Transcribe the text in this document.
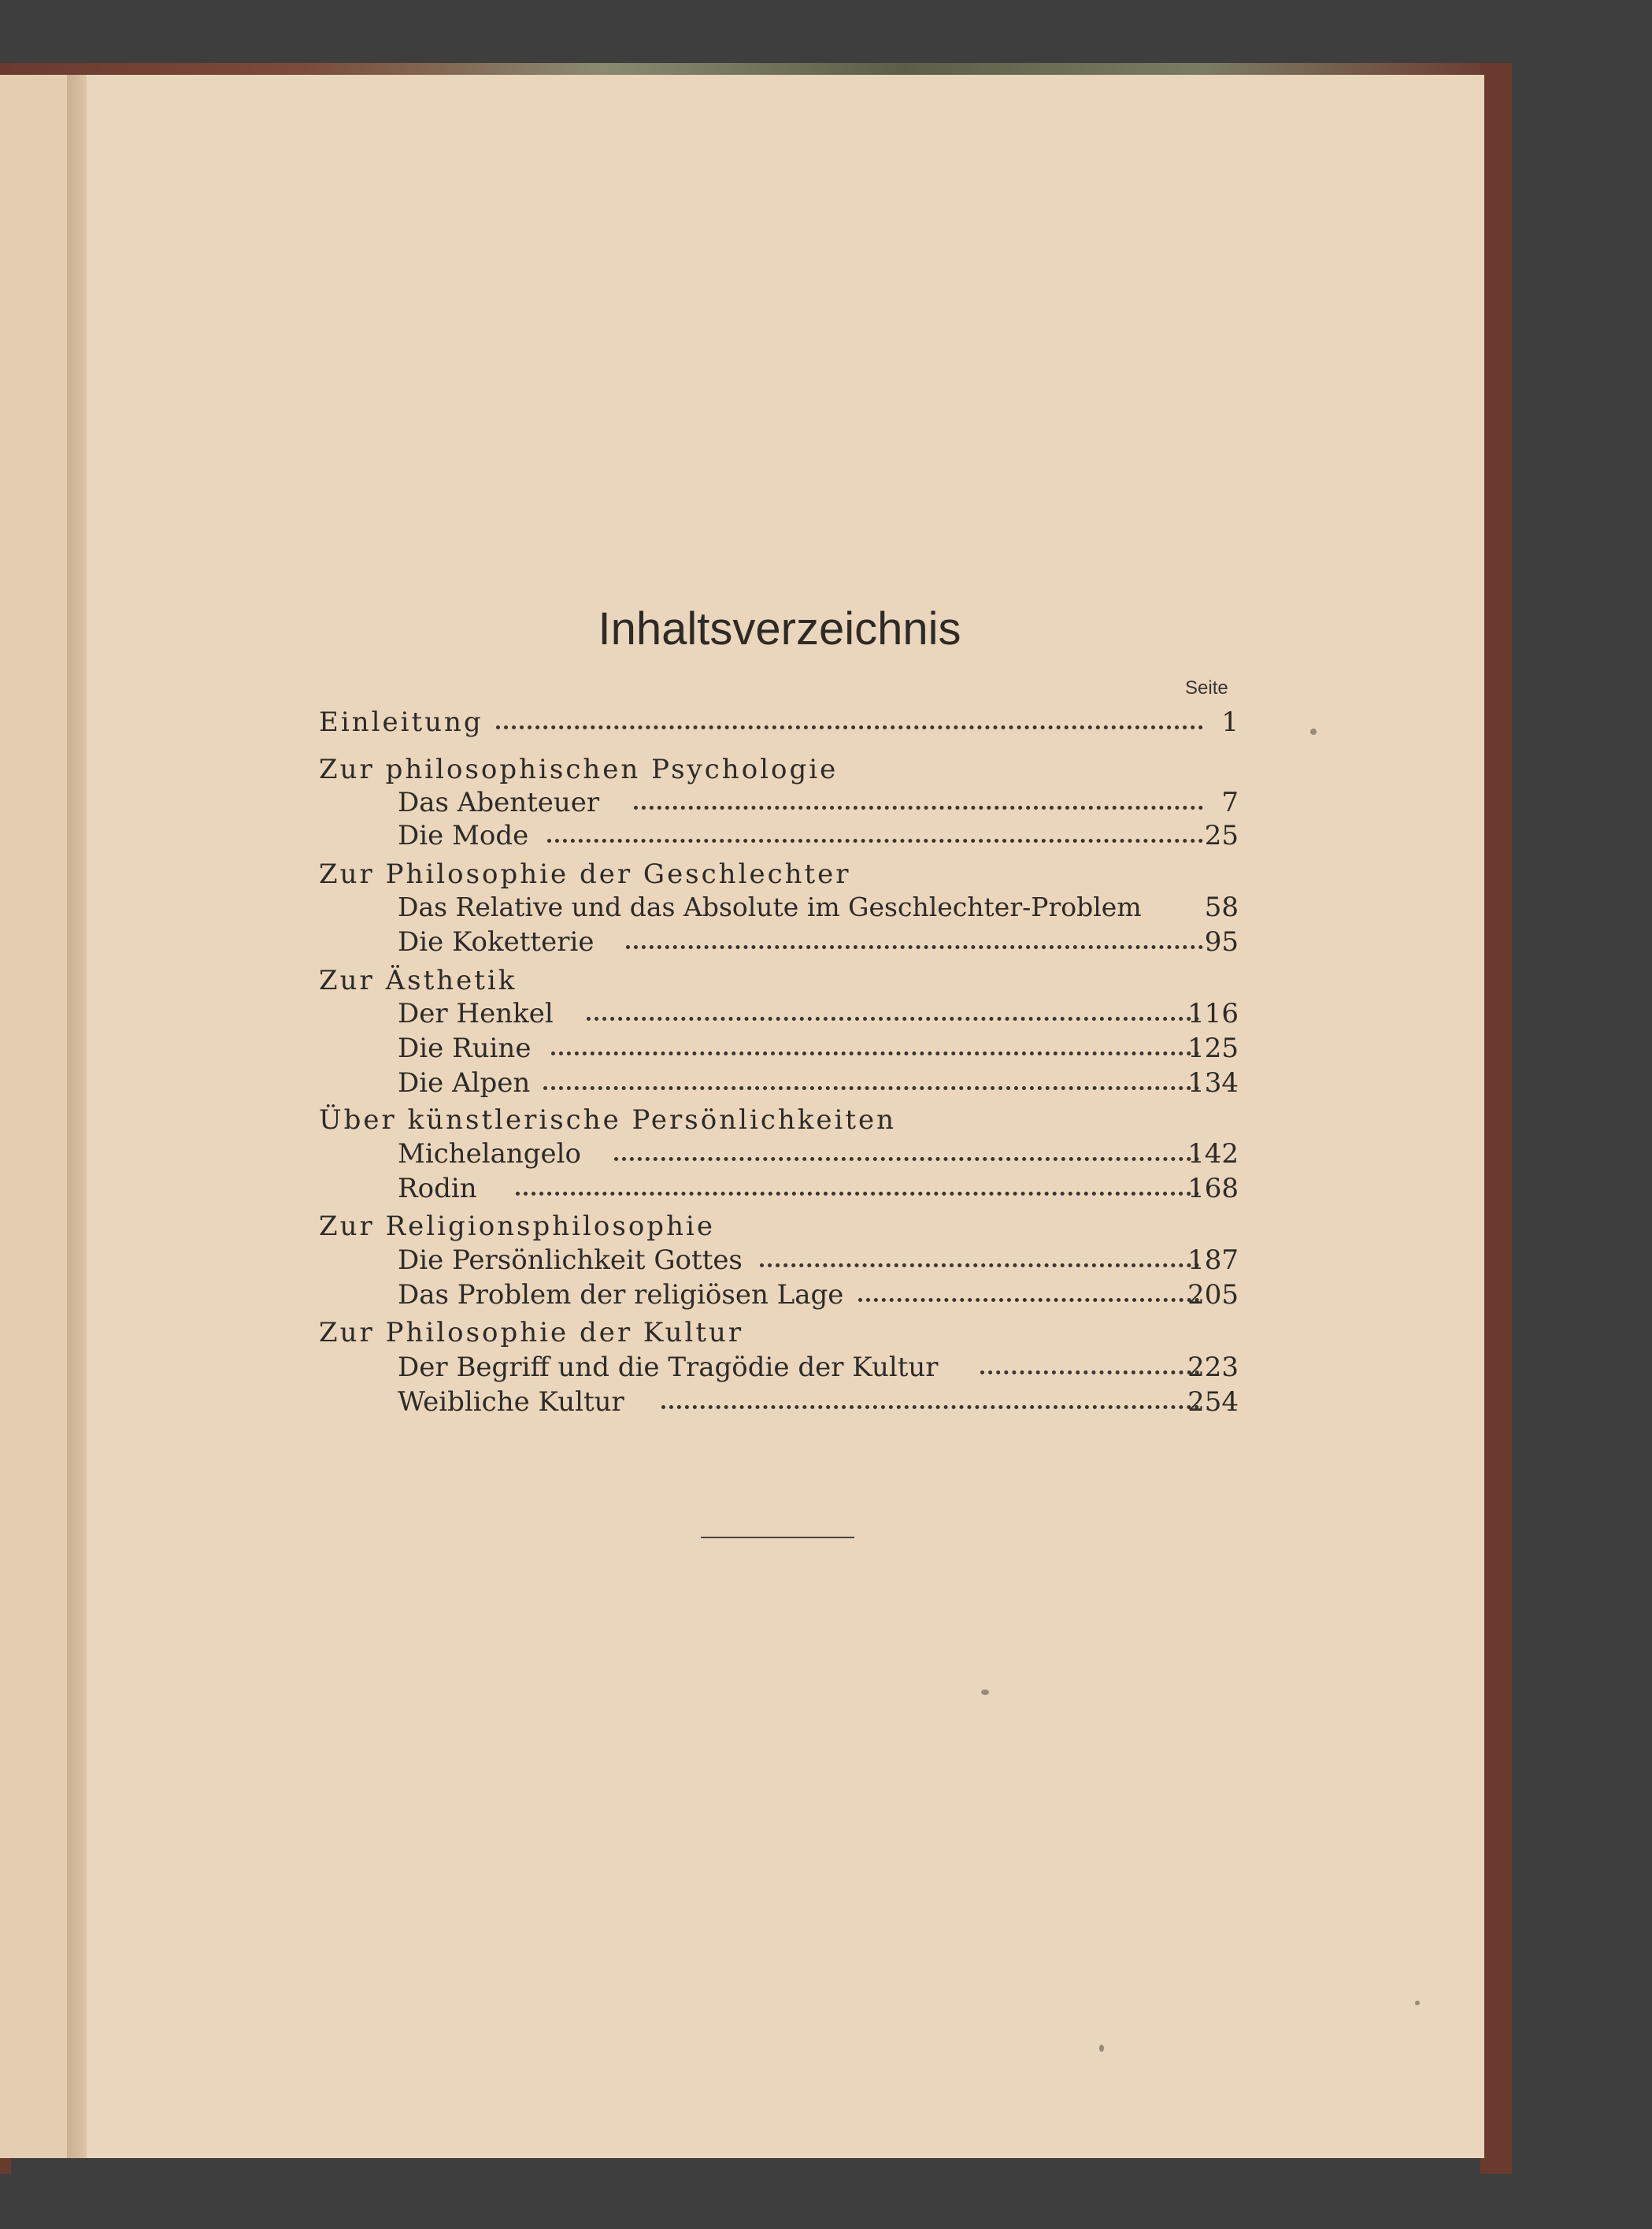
Inhaltsverzeichnis
Seite
Einleitung	1
Zur philosophischen Psychologie
Das Abenteuer	7
Die Mode	25
Zur Philosophie der Geschlechter
Das Relative und das Absolute im Geschlechter-Problem 58
Die Koketterie	95
Zur Ästhetik
Der Henkel	116
Die Ruine	125
Die Alpen	134
Über künstlerische Persönlichkeiten
Michelangelo	142
Rodin	168
Zur Religionsphilosophie
Die Persönlichkeit Gottes	187
Das Problem der religiösen Lage	205
Zur Philosophie der Kultur
Der Begriff und die Tragödie der Kultur	223
Weibliche Kultur	254
